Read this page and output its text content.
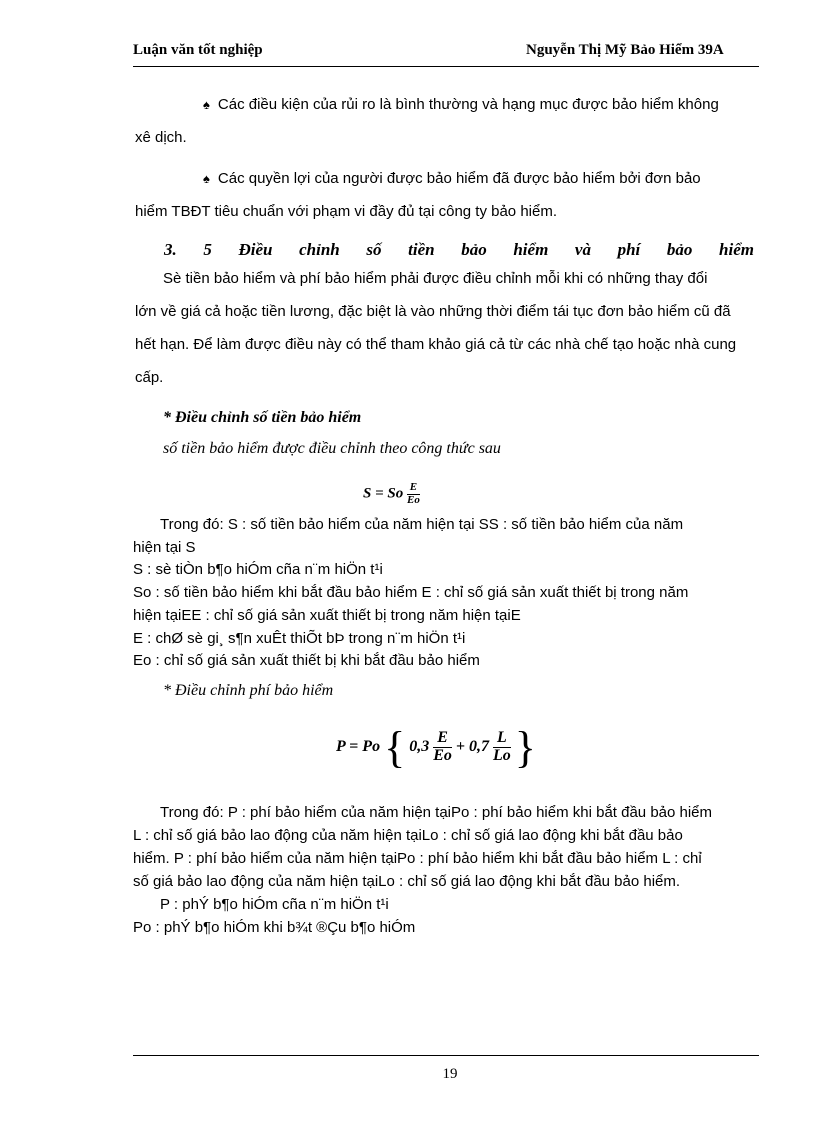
Luận văn tốt nghiệp	Nguyễn Thị Mỹ Bảo Hiểm 39A
♠ Các điều kiện của rủi ro là bình thường và hạng mục được bảo hiểm không
xê dịch.
♠ Các quyền lợi của người được bảo hiểm đã được bảo hiểm bởi đơn bảo
hiểm TBĐT tiêu chuẩn với phạm vi đầy đủ tại công ty bảo hiểm.
3. 5 Điều chỉnh số tiền bảo hiểm và phí bảo hiểm
Sè tiền bảo hiểm và phí bảo hiểm phải được điều chỉnh mỗi khi có những thay đổi
lớn về giá cả hoặc tiền lương, đặc biệt là vào những thời điểm tái tục đơn bảo hiểm cũ đã
hết hạn. Để làm được điều này có thể tham khảo giá cả từ các nhà chế tạo hoặc nhà cung
cấp.
* Điều chỉnh số tiền bảo hiểm
số tiền bảo hiểm được điều chỉnh theo công thức sau
S = So $\frac{E}{Eo}$
Trong đó: S : số tiền bảo hiểm của năm hiện tại SS : số tiền bảo hiểm của năm
hiện tại S
S : sè tiÒn b¶o hiÓm cña n¨m hiÖn t¹i
So : số tiền bảo hiểm khi bắt đầu bảo hiểm E : chỉ số giá sản xuất thiết bị trong năm
hiện tạiEE : chỉ số giá sản xuất thiết bị trong năm hiện tạiE
E : chØ sè gi¸ s¶n xuÊt thiÕt bÞ trong n¨m hiÖn t¹i
Eo : chỉ số giá sản xuất thiết bị khi bắt đầu bảo hiểm
* Điều chỉnh phí bảo hiểm
P = Po { $0,3 \frac{E}{Eo} + 0,7 \frac{L}{Lo}$ }
Trong đó: P : phí bảo hiểm của năm hiện tạiPo : phí bảo hiểm khi bắt đầu bảo hiểm
L : chỉ số giá bảo lao động của năm hiện tạiLo : chỉ số giá lao động khi bắt đầu bảo
hiểm. P : phí bảo hiểm của năm hiện tạiPo : phí bảo hiểm khi bắt đầu bảo hiểm L : chỉ
số giá bảo lao động của năm hiện tạiLo : chỉ số giá lao động khi bắt đầu bảo hiểm.
P : phÝ b¶o hiÓm cña n¨m hiÖn t¹i
Po : phÝ b¶o hiÓm khi b¾t ®Çu b¶o hiÓm
19
